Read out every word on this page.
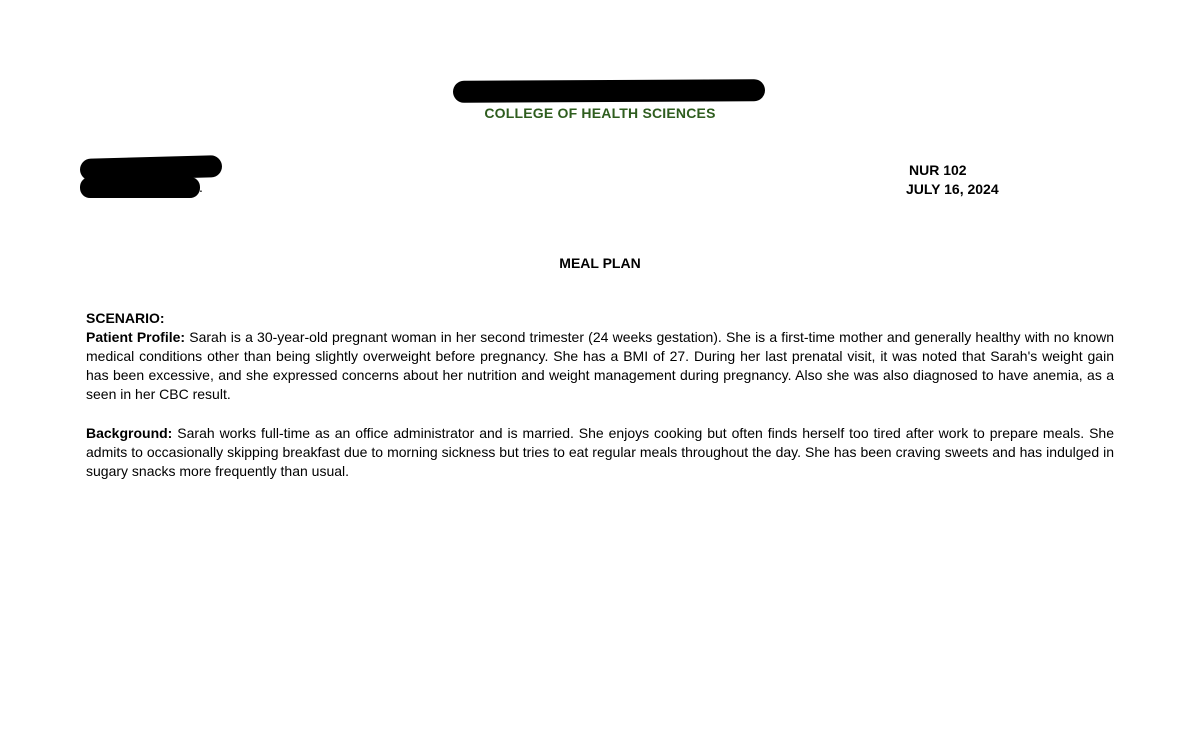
COLLEGE OF HEALTH SCIENCES
.
NUR 102
JULY 16, 2024
MEAL PLAN
SCENARIO:
Patient Profile: Sarah is a 30-year-old pregnant woman in her second trimester (24 weeks gestation). She is a first-time mother and generally healthy with no known medical conditions other than being slightly overweight before pregnancy. She has a BMI of 27. During her last prenatal visit, it was noted that Sarah's weight gain has been excessive, and she expressed concerns about her nutrition and weight management during pregnancy. Also she was also diagnosed to have anemia, as a seen in her CBC result.
Background: Sarah works full-time as an office administrator and is married. She enjoys cooking but often finds herself too tired after work to prepare meals. She admits to occasionally skipping breakfast due to morning sickness but tries to eat regular meals throughout the day. She has been craving sweets and has indulged in sugary snacks more frequently than usual.
